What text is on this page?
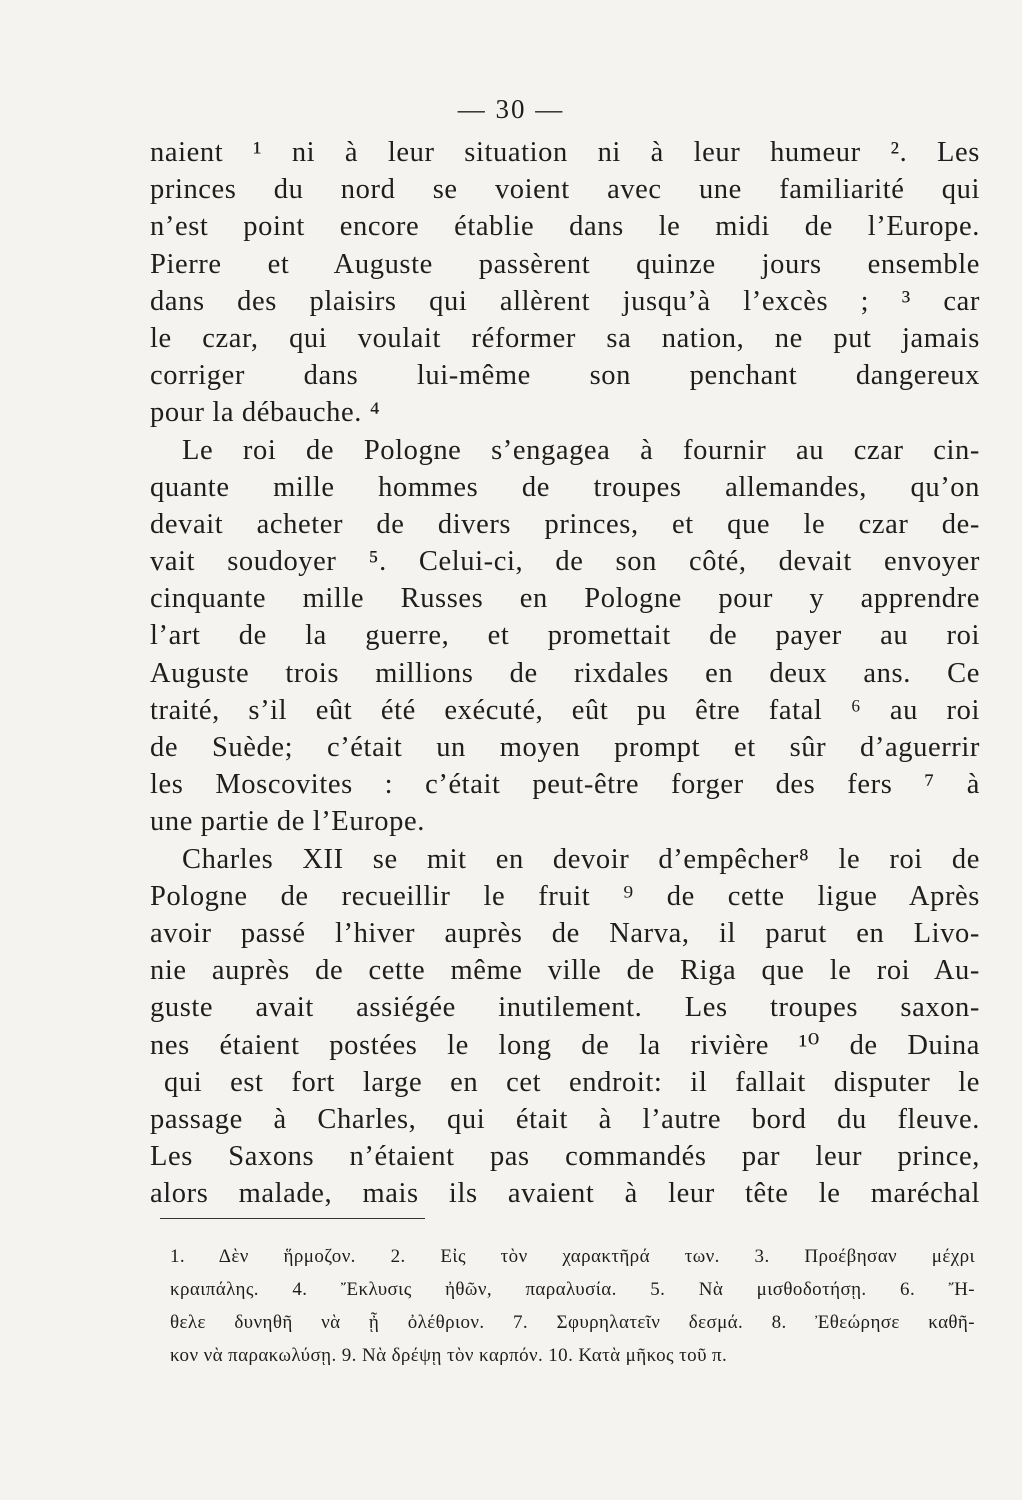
— 30 —
naient ¹ ni à leur situation ni à leur humeur ². Les
princes du nord se voient avec une familiarité qui
n’est point encore établie dans le midi de l’Europe.
Pierre et Auguste passèrent quinze jours ensemble
dans des plaisirs qui allèrent jusqu’à l’excès ; ³ car
le czar, qui voulait réformer sa nation, ne put jamais
corriger dans lui-même son penchant dangereux
pour la débauche. ⁴
Le roi de Pologne s’engagea à fournir au czar cin-
quante mille hommes de troupes allemandes, qu’on
devait acheter de divers princes, et que le czar de-
vait soudoyer ⁵. Celui-ci, de son côté, devait envoyer
cinquante mille Russes en Pologne pour y apprendre
l’art de la guerre, et promettait de payer au roi
Auguste trois millions de rixdales en deux ans. Ce
traité, s’il eût été exécuté, eût pu être fatal ⁶ au roi
de Suède; c’était un moyen prompt et sûr d’aguerrir
les Moscovites : c’était peut-être forger des fers ⁷ à
une partie de l’Europe.
Charles XII se mit en devoir d’empêcher⁸ le roi de
Pologne de recueillir le fruit ⁹ de cette ligue Après
avoir passé l’hiver auprès de Narva, il parut en Livo-
nie auprès de cette même ville de Riga que le roi Au-
guste avait assiégée inutilement. Les troupes saxon-
nes étaient postées le long de la rivière ¹⁰ de Duina
qui est fort large en cet endroit: il fallait disputer le
passage à Charles, qui était à l’autre bord du fleuve.
Les Saxons n’étaient pas commandés par leur prince,
alors malade, mais ils avaient à leur tête le maréchal
1. Δὲν ἥρμοζον. 2. Εἰς τὸν χαρακτῆρά των. 3. Προέβησαν μέχρι
κραιπάλης. 4. Ἔκλυσις ἠθῶν, παραλυσία. 5. Νὰ μισθοδοτήσῃ. 6. Ἤ-
θελε δυνηθῆ νὰ ᾖ ὀλέθριον. 7. Σφυρηλατεῖν δεσμά. 8. Ἐθεώρησε καθῆ-
κον νὰ παρακωλύσῃ. 9. Νὰ δρέψῃ τὸν καρπόν. 10. Κατὰ μῆκος τοῦ π.
